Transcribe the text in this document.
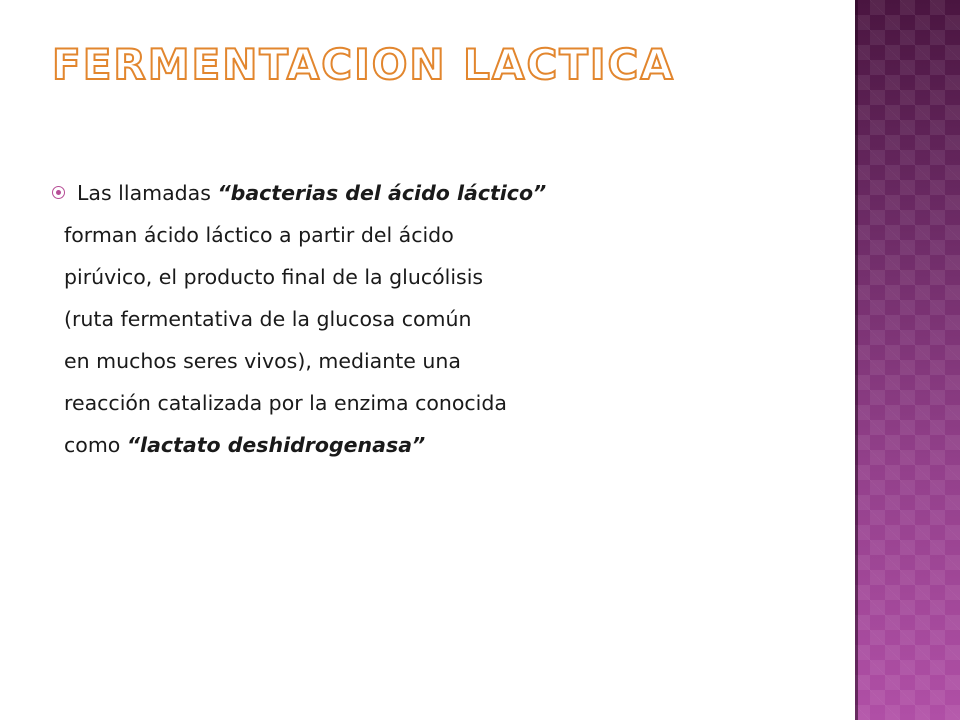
FERMENTACION LACTICA
Las llamadas “bacterias del ácido láctico”
forman ácido láctico a partir del ácido
pirúvico, el producto final de la glucólisis
(ruta fermentativa de la glucosa común
en muchos seres vivos), mediante una
reacción catalizada por la enzima conocida
como “lactato deshidrogenasa”
